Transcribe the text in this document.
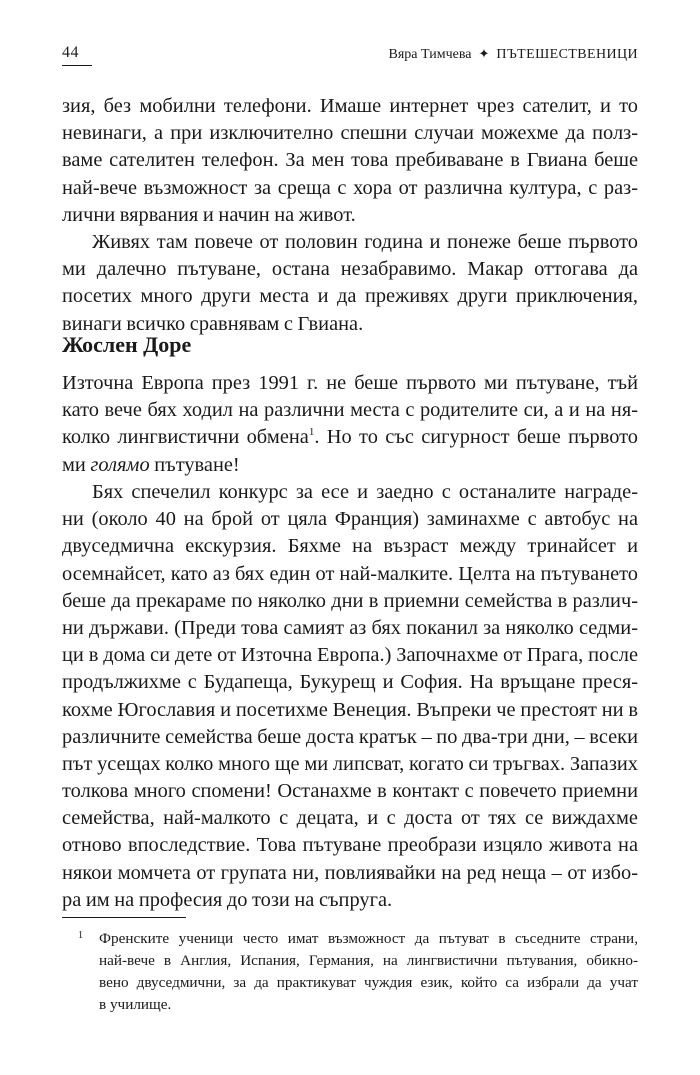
44	Вяра Тимчева ✦ ПЪТЕШЕСТВЕНИЦИ

зия, без мобилни телефони. Имаше интернет чрез сателит, и то
невинаги, а при изключително спешни случаи можехме да полз-
ваме сателитен телефон. За мен това пребиваване в Гвиана беше
най-вече възможност за среща с хора от различна култура, с раз-
лични вярвания и начин на живот.
Живях там повече от половин година и понеже беше първото
ми далечно пътуване, остана незабравимо. Макар оттогава да
посетих много други места и да преживях други приключения,
винаги всичко сравнявам с Гвиана.
Жослен Доре
Източна Европа през 1991 г. не беше първото ми пътуване, тъй
като вече бях ходил на различни места с родителите си, а и на ня-
колко лингвистични обмена$^1$. Но то със сигурност беше първото
ми голямо пътуване!
Бях спечелил конкурс за есе и заедно с останалите награде-
ни (около 40 на брой от цяла Франция) заминахме с автобус на
двуседмична екскурзия. Бяхме на възраст между тринайсет и
осемнайсет, като аз бях един от най-малките. Целта на пътуването
беше да прекараме по няколко дни в приемни семейства в различ-
ни държави. (Преди това самият аз бях поканил за няколко седми-
ци в дома си дете от Източна Европа.) Започнахме от Прага, после
продължихме с Будапеща, Букурещ и София. На връщане преся-
кохме Югославия и посетихме Венеция. Въпреки че престоят ни в
различните семейства беше доста кратък – по два-три дни, – всеки
път усещах колко много ще ми липсват, когато си тръгвах. Запазих
толкова много спомени! Останахме в контакт с повечето приемни
семейства, най-малкото с децата, и с доста от тях се виждахме
отново впоследствие. Това пътуване преобрази изцяло живота на
някои момчета от групата ни, повлиявайки на ред неща – от избо-
ра им на професия до този на съпруга.
1 Френските ученици често имат възможност да пътуват в съседните страни,
най-вече в Англия, Испания, Германия, на лингвистични пътувания, обикно-
вено двуседмични, за да практикуват чуждия език, който са избрали да учат
в училище.
